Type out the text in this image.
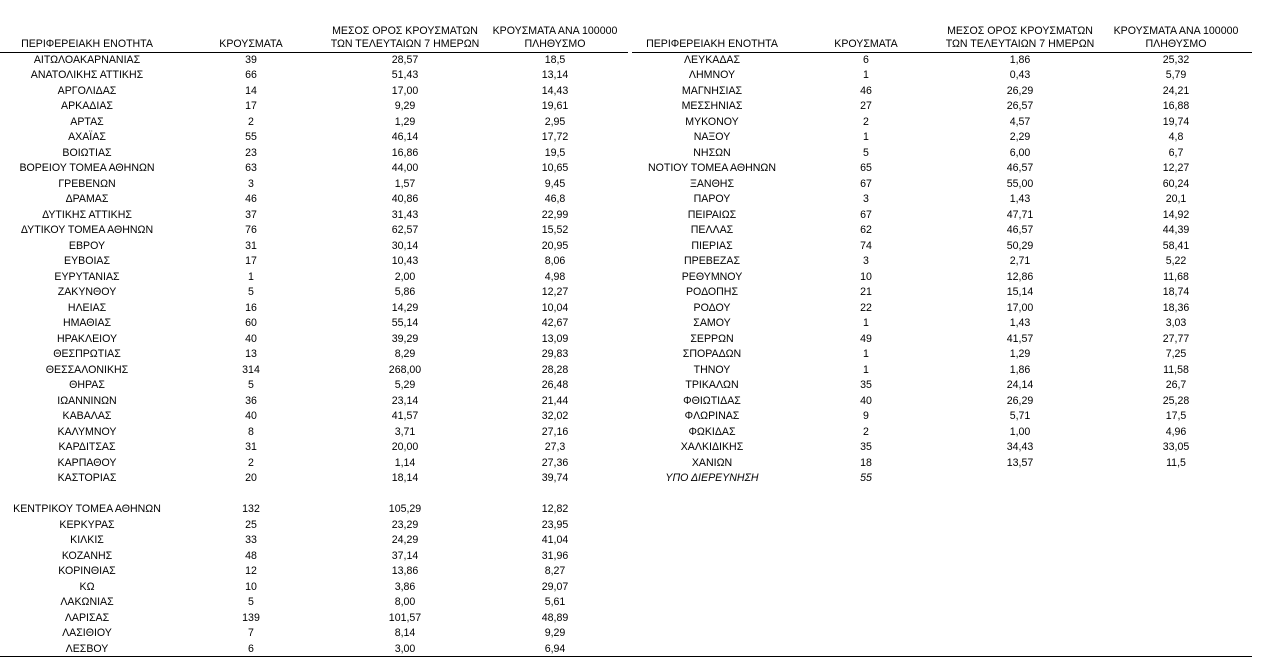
ΠΕΡΙΦΕΡΕΙΑΚΗ ΕΝΟΤΗΤΑ	ΚΡΟΥΣΜΑΤΑ	ΜΕΣΟΣ ΟΡΟΣ ΚΡΟΥΣΜΑΤΩΝ
ΤΩΝ ΤΕΛΕΥΤΑΙΩΝ 7 ΗΜΕΡΩΝ	ΚΡΟΥΣΜΑΤΑ ΑΝΑ 100000
ΠΛΗΘΥΣΜΟ
ΑΙΤΩΛΟΑΚΑΡΝΑΝΙΑΣ	39	28,57	18,5
ΑΝΑΤΟΛΙΚΗΣ ΑΤΤΙΚΗΣ	66	51,43	13,14
ΑΡΓΟΛΙΔΑΣ	14	17,00	14,43
ΑΡΚΑΔΙΑΣ	17	9,29	19,61
ΑΡΤΑΣ	2	1,29	2,95
ΑΧΑΪΑΣ	55	46,14	17,72
ΒΟΙΩΤΙΑΣ	23	16,86	19,5
ΒΟΡΕΙΟΥ ΤΟΜΕΑ ΑΘΗΝΩΝ	63	44,00	10,65
ΓΡΕΒΕΝΩΝ	3	1,57	9,45
ΔΡΑΜΑΣ	46	40,86	46,8
ΔΥΤΙΚΗΣ ΑΤΤΙΚΗΣ	37	31,43	22,99
ΔΥΤΙΚΟΥ ΤΟΜΕΑ ΑΘΗΝΩΝ	76	62,57	15,52
ΕΒΡΟΥ	31	30,14	20,95
ΕΥΒΟΙΑΣ	17	10,43	8,06
ΕΥΡΥΤΑΝΙΑΣ	1	2,00	4,98
ΖΑΚΥΝΘΟΥ	5	5,86	12,27
ΗΛΕΙΑΣ	16	14,29	10,04
ΗΜΑΘΙΑΣ	60	55,14	42,67
ΗΡΑΚΛΕΙΟΥ	40	39,29	13,09
ΘΕΣΠΡΩΤΙΑΣ	13	8,29	29,83
ΘΕΣΣΑΛΟΝΙΚΗΣ	314	268,00	28,28
ΘΗΡΑΣ	5	5,29	26,48
ΙΩΑΝΝΙΝΩΝ	36	23,14	21,44
ΚΑΒΑΛΑΣ	40	41,57	32,02
ΚΑΛΥΜΝΟΥ	8	3,71	27,16
ΚΑΡΔΙΤΣΑΣ	31	20,00	27,3
ΚΑΡΠΑΘΟΥ	2	1,14	27,36
ΚΑΣΤΟΡΙΑΣ	20	18,14	39,74

ΚΕΝΤΡΙΚΟΥ ΤΟΜΕΑ ΑΘΗΝΩΝ	132	105,29	12,82
ΚΕΡΚΥΡΑΣ	25	23,29	23,95
ΚΙΛΚΙΣ	33	24,29	41,04
ΚΟΖΑΝΗΣ	48	37,14	31,96
ΚΟΡΙΝΘΙΑΣ	12	13,86	8,27
ΚΩ	10	3,86	29,07
ΛΑΚΩΝΙΑΣ	5	8,00	5,61
ΛΑΡΙΣΑΣ	139	101,57	48,89
ΛΑΣΙΘΙΟΥ	7	8,14	9,29
ΛΕΣΒΟΥ	6	3,00	6,94
ΠΕΡΙΦΕΡΕΙΑΚΗ ΕΝΟΤΗΤΑ	ΚΡΟΥΣΜΑΤΑ	ΜΕΣΟΣ ΟΡΟΣ ΚΡΟΥΣΜΑΤΩΝ
ΤΩΝ ΤΕΛΕΥΤΑΙΩΝ 7 ΗΜΕΡΩΝ	ΚΡΟΥΣΜΑΤΑ ΑΝΑ 100000
ΠΛΗΘΥΣΜΟ
ΛΕΥΚΑΔΑΣ	6	1,86	25,32
ΛΗΜΝΟΥ	1	0,43	5,79
ΜΑΓΝΗΣΙΑΣ	46	26,29	24,21
ΜΕΣΣΗΝΙΑΣ	27	26,57	16,88
ΜΥΚΟΝΟΥ	2	4,57	19,74
ΝΑΞΟΥ	1	2,29	4,8
ΝΗΣΩΝ	5	6,00	6,7
ΝΟΤΙΟΥ ΤΟΜΕΑ ΑΘΗΝΩΝ	65	46,57	12,27
ΞΑΝΘΗΣ	67	55,00	60,24
ΠΑΡΟΥ	3	1,43	20,1
ΠΕΙΡΑΙΩΣ	67	47,71	14,92
ΠΕΛΛΑΣ	62	46,57	44,39
ΠΙΕΡΙΑΣ	74	50,29	58,41
ΠΡΕΒΕΖΑΣ	3	2,71	5,22
ΡΕΘΥΜΝΟΥ	10	12,86	11,68
ΡΟΔΟΠΗΣ	21	15,14	18,74
ΡΟΔΟΥ	22	17,00	18,36
ΣΑΜΟΥ	1	1,43	3,03
ΣΕΡΡΩΝ	49	41,57	27,77
ΣΠΟΡΑΔΩΝ	1	1,29	7,25
ΤΗΝΟΥ	1	1,86	11,58
ΤΡΙΚΑΛΩΝ	35	24,14	26,7
ΦΘΙΩΤΙΔΑΣ	40	26,29	25,28
ΦΛΩΡΙΝΑΣ	9	5,71	17,5
ΦΩΚΙΔΑΣ	2	1,00	4,96
ΧΑΛΚΙΔΙΚΗΣ	35	34,43	33,05
ΧΑΝΙΩΝ	18	13,57	11,5
ΥΠΟ ΔΙΕΡΕΥΝΗΣΗ	55		
